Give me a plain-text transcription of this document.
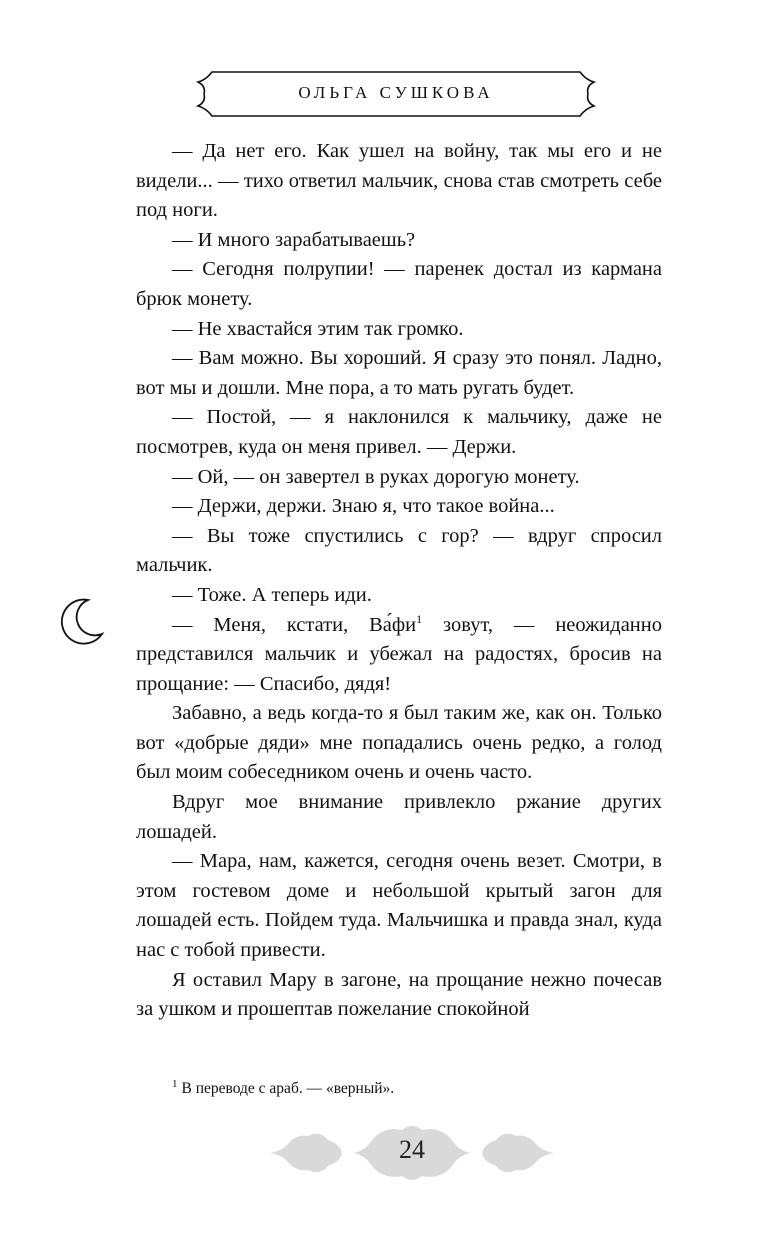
ОЛЬГА СУШКОВА

— Да нет его. Как ушел на войну, так мы его и не видели... — тихо ответил мальчик, снова став смотреть себе под ноги.

— И много зарабатываешь?

— Сегодня полрупии! — паренек достал из кармана брюк монету.

— Не хвастайся этим так громко.

— Вам можно. Вы хороший. Я сразу это понял. Ладно, вот мы и дошли. Мне пора, а то мать ругать будет.

— Постой, — я наклонился к мальчику, даже не посмотрев, куда он меня привел. — Держи.

— Ой, — он завертел в руках дорогую монету.

— Держи, держи. Знаю я, что такое война...

— Вы тоже спустились с гор? — вдруг спросил мальчик.

— Тоже. А теперь иди.

— Меня, кстати, Ва́фи$^1$ зовут, — неожиданно представился мальчик и убежал на радостях, бросив на прощание: — Спасибо, дядя!

Забавно, а ведь когда-то я был таким же, как он. Только вот «добрые дяди» мне попадались очень редко, а голод был моим собеседником очень и очень часто.

Вдруг мое внимание привлекло ржание других лошадей.

— Мара, нам, кажется, сегодня очень везет. Смотри, в этом гостевом доме и небольшой крытый загон для лошадей есть. Пойдем туда. Мальчишка и правда знал, куда нас с тобой привести.

Я оставил Мару в загоне, на прощание нежно почесав за ушком и прошептав пожелание спокойной

$^1$ В переводе с араб. — «верный».
24
